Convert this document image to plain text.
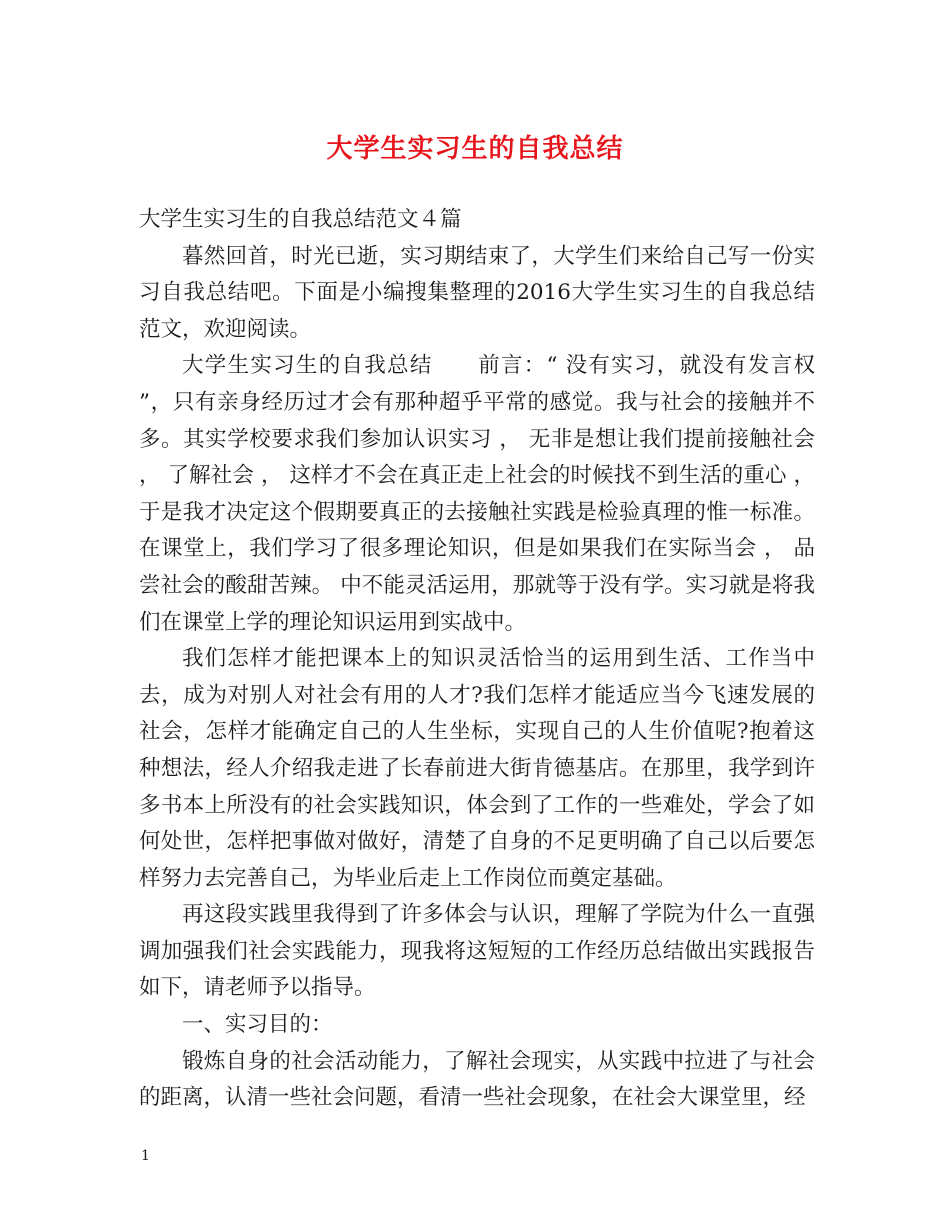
大学生实习生的自我总结

大学生实习生的自我总结范文４篇

暮然回首，时光已逝，实习期结束了，大学生们来给自己写一份实习自我总结吧。下面是小编搜集整理的2016大学生实习生的自我总结范文，欢迎阅读。

大学生实习生的自我总结　　前言：“ 没有实习，就没有发言权 ”，只有亲身经历过才会有那种超乎平常的感觉。我与社会的接触并不多。其实学校要求我们参加认识实习 ， 无非是想让我们提前接触社会 ， 了解社会 ， 这样才不会在真正走上社会的时候找不到生活的重心 ， 于是我才决定这个假期要真正的去接触社实践是检验真理的惟一标准。在课堂上，我们学习了很多理论知识，但是如果我们在实际当会 ， 品尝社会的酸甜苦辣。 中不能灵活运用，那就等于没有学。实习就是将我们在课堂上学的理论知识运用到实战中。

我们怎样才能把课本上的知识灵活恰当的运用到生活、工作当中去，成为对别人对社会有用的人才?我们怎样才能适应当今飞速发展的社会，怎样才能确定自己的人生坐标，实现自己的人生价值呢?抱着这种想法，经人介绍我走进了长春前进大街肯德基店。在那里，我学到许多书本上所没有的社会实践知识，体会到了工作的一些难处，学会了如何处世，怎样把事做对做好，清楚了自身的不足更明确了自己以后要怎样努力去完善自己，为毕业后走上工作岗位而奠定基础。

再这段实践里我得到了许多体会与认识，理解了学院为什么一直强调加强我们社会实践能力，现我将这短短的工作经历总结做出实践报告如下，请老师予以指导。

一、实习目的：

锻炼自身的社会活动能力，了解社会现实，从实践中拉进了与社会的距离，认清一些社会问题，看清一些社会现象，在社会大课堂里，经

1
